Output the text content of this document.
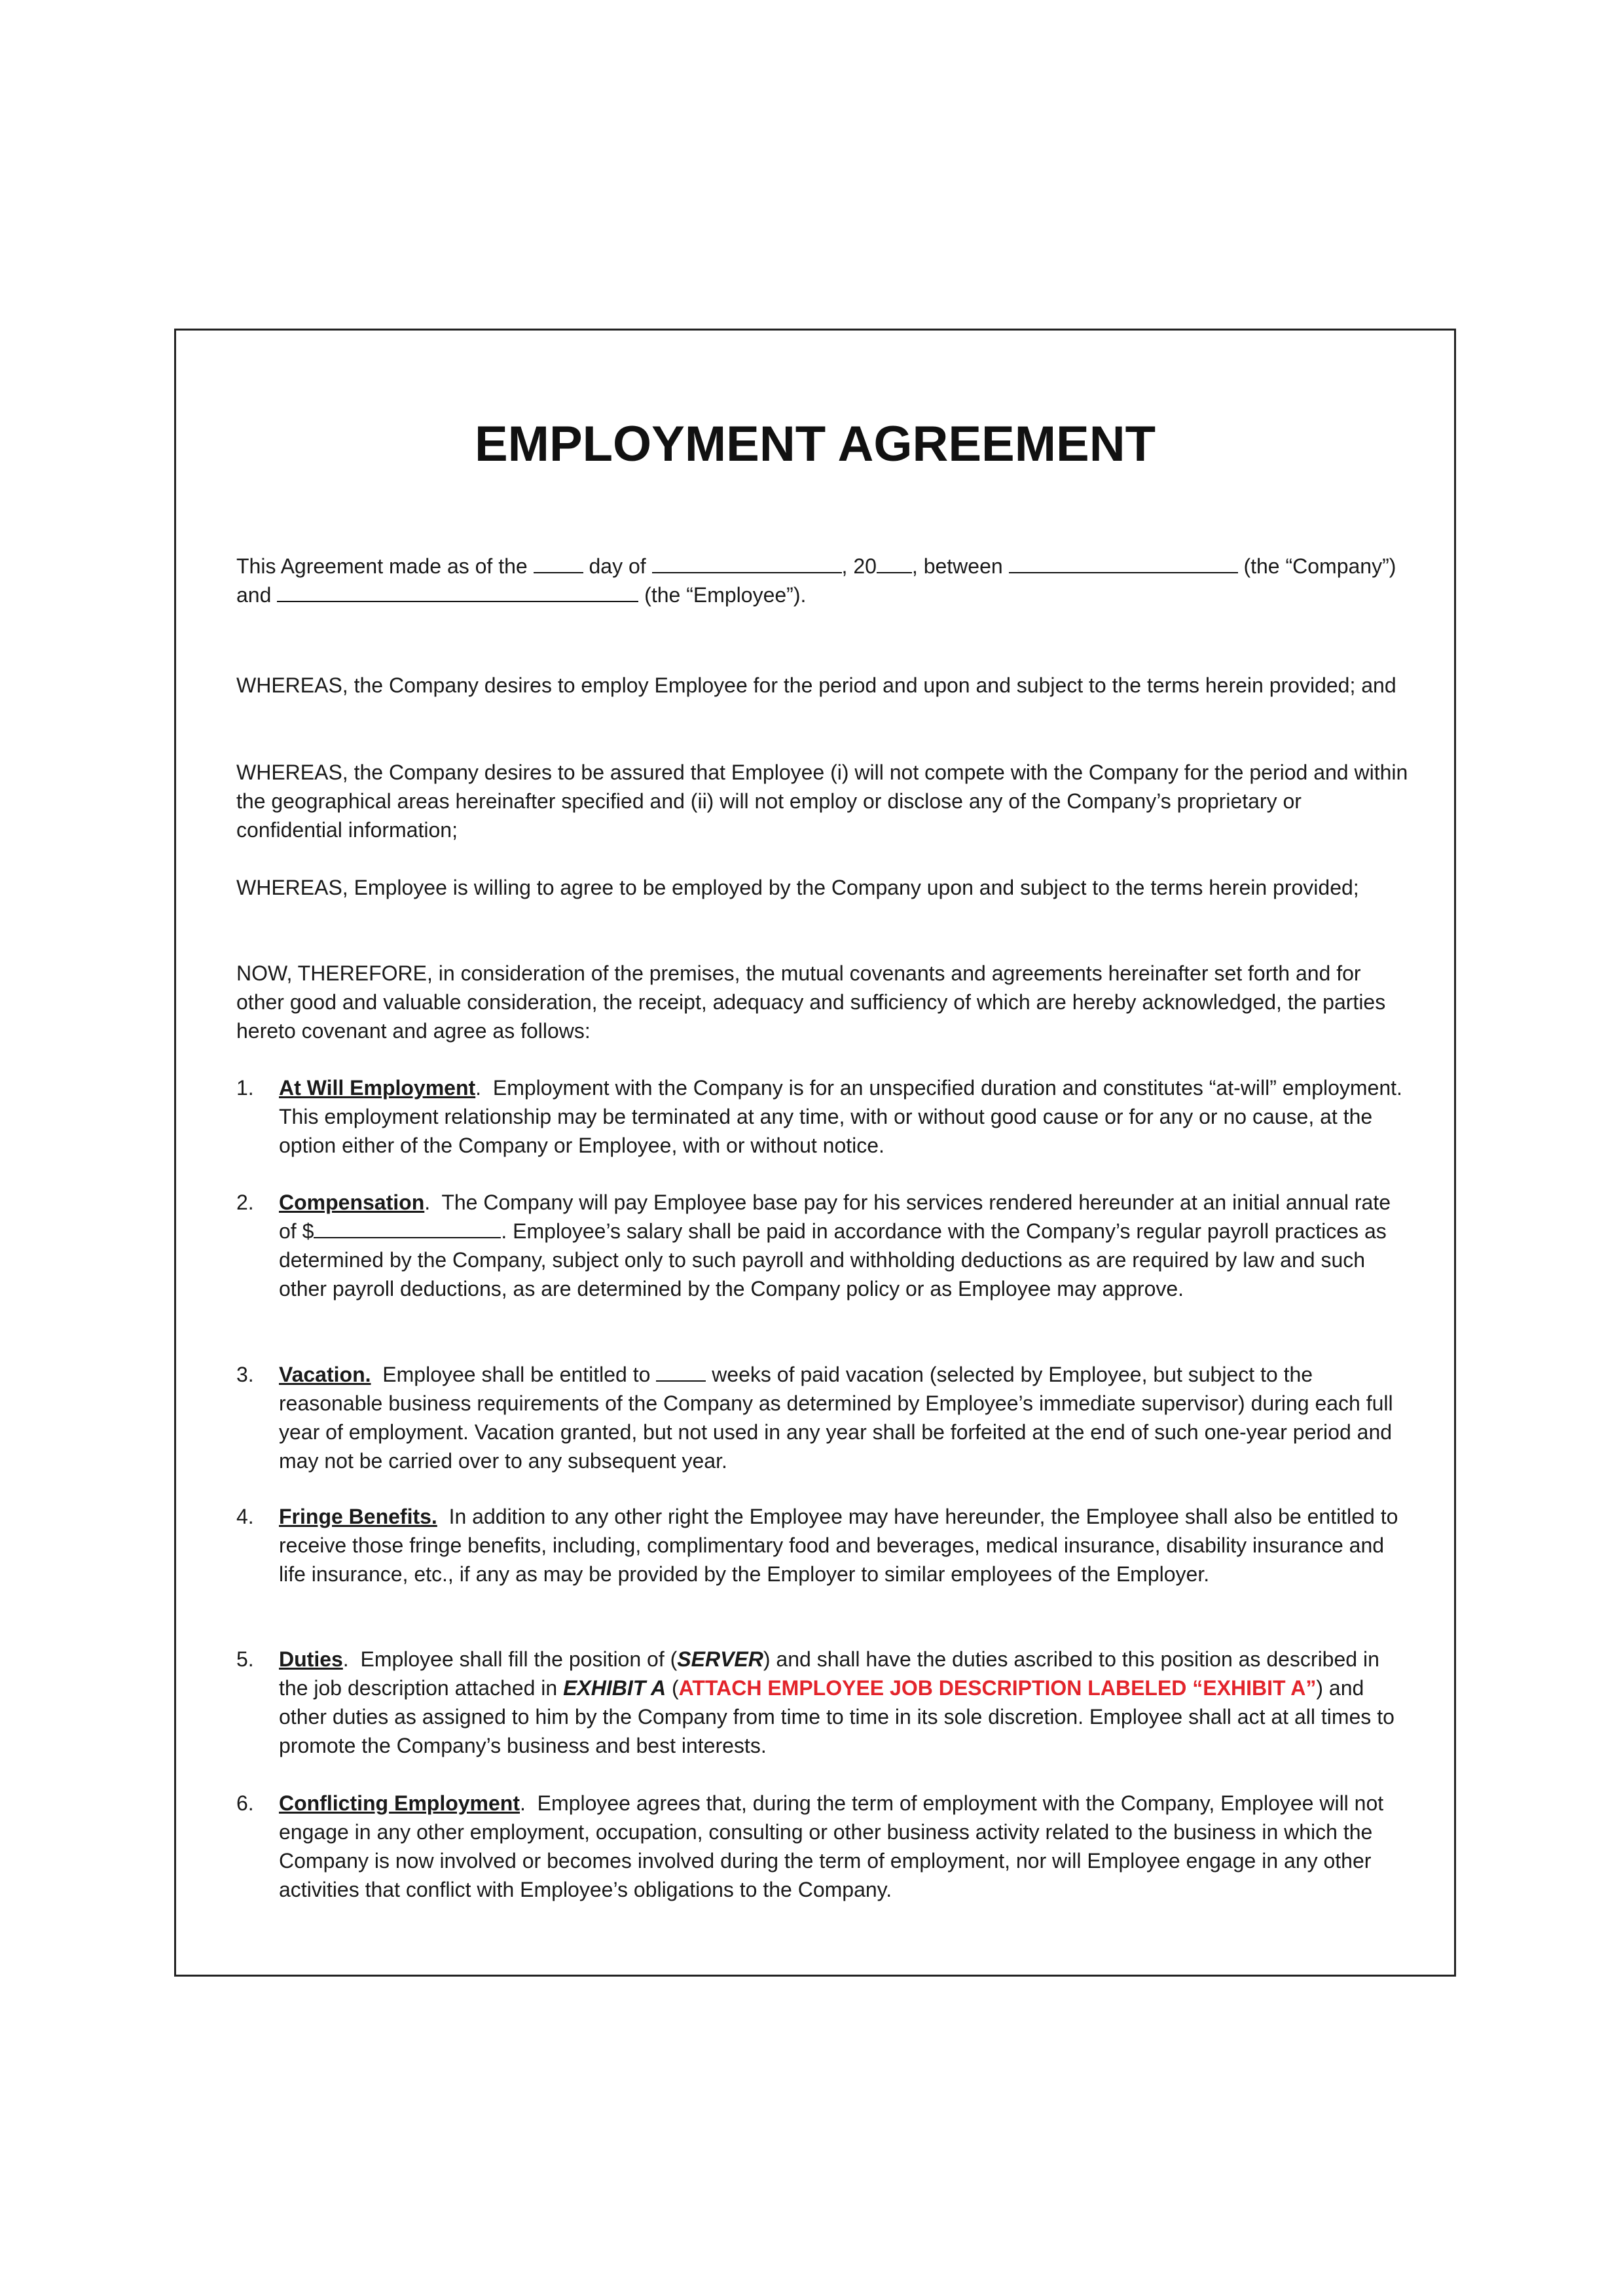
EMPLOYMENT AGREEMENT
This Agreement made as of the	day of	, 20 , between	(the “Company”) and	(the “Employee”).
WHEREAS, the Company desires to employ Employee for the period and upon and subject to the terms herein provided; and
WHEREAS, the Company desires to be assured that Employee (i) will not compete with the Company for the period and within the geographical areas hereinafter specified and (ii) will not employ or disclose any of the Company’s proprietary or confidential information;
WHEREAS, Employee is willing to agree to be employed by the Company upon and subject to the terms herein provided;
NOW, THEREFORE, in consideration of the premises, the mutual covenants and agreements hereinafter set forth and for other good and valuable consideration, the receipt, adequacy and sufficiency of which are hereby acknowledged, the parties hereto covenant and agree as follows:
1.	At Will Employment.  Employment with the Company is for an unspecified duration and constitutes “at-will” employment. This employment relationship may be terminated at any time, with or without good cause or for any or no cause, at the option either of the Company or Employee, with or without notice.
2.	Compensation.  The Company will pay Employee base pay for his services rendered hereunder at an initial annual rate of $	. Employee’s salary shall be paid in accordance with the Company’s regular payroll practices as determined by the Company, subject only to such payroll and withholding deductions as are required by law and such other payroll deductions, as are determined by the Company policy or as Employee may approve.
3.	Vacation. Employee shall be entitled to	weeks of paid vacation (selected by Employee, but subject to the reasonable business requirements of the Company as determined by Employee’s immediate supervisor) during each full year of employment. Vacation granted, but not used in any year shall be forfeited at the end of such one-year period and may not be carried over to any subsequent year.
4.	Fringe Benefits. In addition to any other right the Employee may have hereunder, the Employee shall also be entitled to receive those fringe benefits, including, complimentary food and beverages, medical insurance, disability insurance and life insurance, etc., if any as may be provided by the Employer to similar employees of the Employer.
5.	Duties.  Employee shall fill the position of (SERVER) and shall have the duties ascribed to this position as described in the job description attached in EXHIBIT A (ATTACH EMPLOYEE JOB DESCRIPTION LABELED “EXHIBIT A”) and other duties as assigned to him by the Company from time to time in its sole discretion. Employee shall act at all times to promote the Company’s business and best interests.
6.	Conflicting Employment.  Employee agrees that, during the term of employment with the Company, Employee will not engage in any other employment, occupation, consulting or other business activity related to the business in which the Company is now involved or becomes involved during the term of employment, nor will Employee engage in any other activities that conflict with Employee’s obligations to the Company.
